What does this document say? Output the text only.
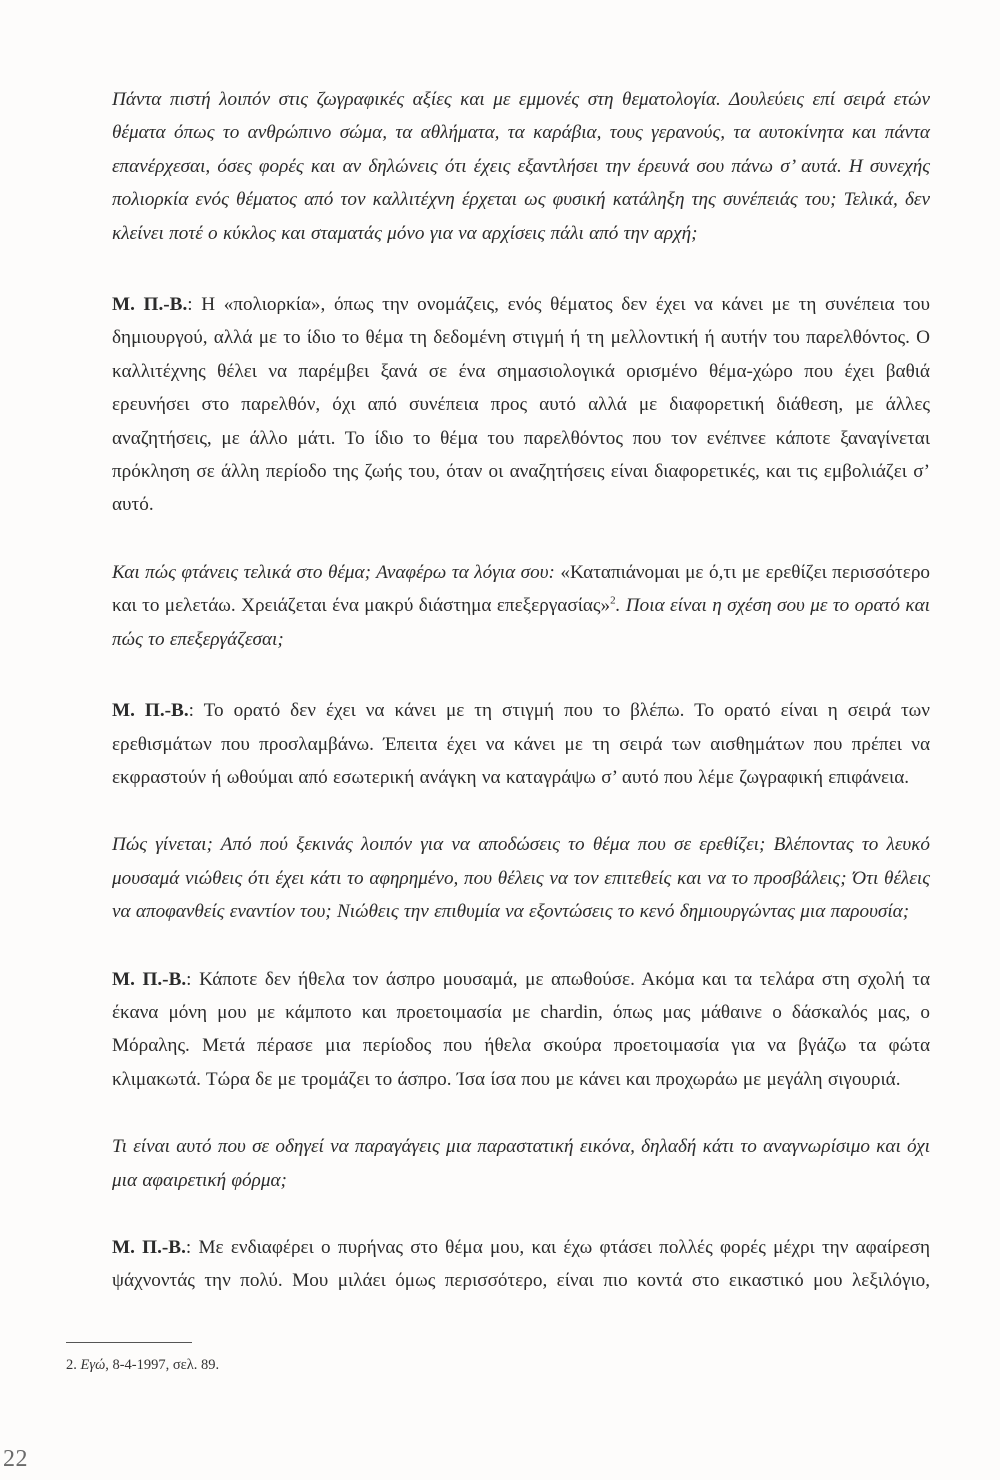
Πάντα πιστή λοιπόν στις ζωγραφικές αξίες και με εμμονές στη θεματολογία. Δουλεύεις επί σειρά ετών θέματα όπως το ανθρώπινο σώμα, τα αθλήματα, τα καράβια, τους γερανούς, τα αυτοκίνητα και πάντα επανέρχεσαι, όσες φορές και αν δηλώνεις ότι έχεις εξαντλήσει την έρευνά σου πάνω σ’ αυτά. Η συνεχής πολιορκία ενός θέματος από τον καλλιτέχνη έρχεται ως φυσική κατάληξη της συνέπειάς του; Τελικά, δεν κλείνει ποτέ ο κύκλος και σταματάς μόνο για να αρχίσεις πάλι από την αρχή;

Μ. Π.-Β.: Η «πολιορκία», όπως την ονομάζεις, ενός θέματος δεν έχει να κάνει με τη συνέπεια του δημιουργού, αλλά με το ίδιο το θέμα τη δεδομένη στιγμή ή τη μελλοντική ή αυτήν του παρελθόντος. Ο καλλιτέχνης θέλει να παρέμβει ξανά σε ένα σημασιολογικά ορισμένο θέμα-χώρο που έχει βαθιά ερευνήσει στο παρελθόν, όχι από συνέπεια προς αυτό αλλά με διαφορετική διάθεση, με άλλες αναζητήσεις, με άλλο μάτι. Το ίδιο το θέμα του παρελθόντος που τον ενέπνεε κάποτε ξαναγίνεται πρόκληση σε άλλη περίοδο της ζωής του, όταν οι αναζητήσεις είναι διαφορετικές, και τις εμβολιάζει σ’ αυτό.

Και πώς φτάνεις τελικά στο θέμα; Αναφέρω τα λόγια σου: «Καταπιάνομαι με ό,τι με ερεθίζει περισσότερο και το μελετάω. Χρειάζεται ένα μακρύ διάστημα επεξεργασίας»$^2$. Ποια είναι η σχέση σου με το ορατό και πώς το επεξεργάζεσαι;

Μ. Π.-Β.: Το ορατό δεν έχει να κάνει με τη στιγμή που το βλέπω. Το ορατό είναι η σειρά των ερεθισμάτων που προσλαμβάνω. Έπειτα έχει να κάνει με τη σειρά των αισθημάτων που πρέπει να εκφραστούν ή ωθούμαι από εσωτερική ανάγκη να καταγράψω σ’ αυτό που λέμε ζωγραφική επιφάνεια.

Πώς γίνεται; Από πού ξεκινάς λοιπόν για να αποδώσεις το θέμα που σε ερεθίζει; Βλέποντας το λευκό μουσαμά νιώθεις ότι έχει κάτι το αφηρημένο, που θέλεις να τον επιτεθείς και να το προσβάλεις; Ότι θέλεις να αποφανθείς εναντίον του; Νιώθεις την επιθυμία να εξοντώσεις το κενό δημιουργώντας μια παρουσία;

Μ. Π.-Β.: Κάποτε δεν ήθελα τον άσπρο μουσαμά, με απωθούσε. Ακόμα και τα τελάρα στη σχολή τα έκανα μόνη μου με κάμποτο και προετοιμασία με chardin, όπως μας μάθαινε ο δάσκαλός μας, ο Μόραλης. Μετά πέρασε μια περίοδος που ήθελα σκούρα προετοιμασία για να βγάζω τα φώτα κλιμακωτά. Τώρα δε με τρομάζει το άσπρο. Ίσα ίσα που με κάνει και προχωράω με μεγάλη σιγουριά.

Τι είναι αυτό που σε οδηγεί να παραγάγεις μια παραστατική εικόνα, δηλαδή κάτι το αναγνωρίσιμο και όχι μια αφαιρετική φόρμα;

Μ. Π.-Β.: Με ενδιαφέρει ο πυρήνας στο θέμα μου, και έχω φτάσει πολλές φορές μέχρι την αφαίρεση ψάχνοντάς την πολύ. Μου μιλάει όμως περισσότερο, είναι πιο κοντά στο εικαστικό μου λεξιλόγιο,

2. Εγώ, 8-4-1997, σελ. 89.
22
